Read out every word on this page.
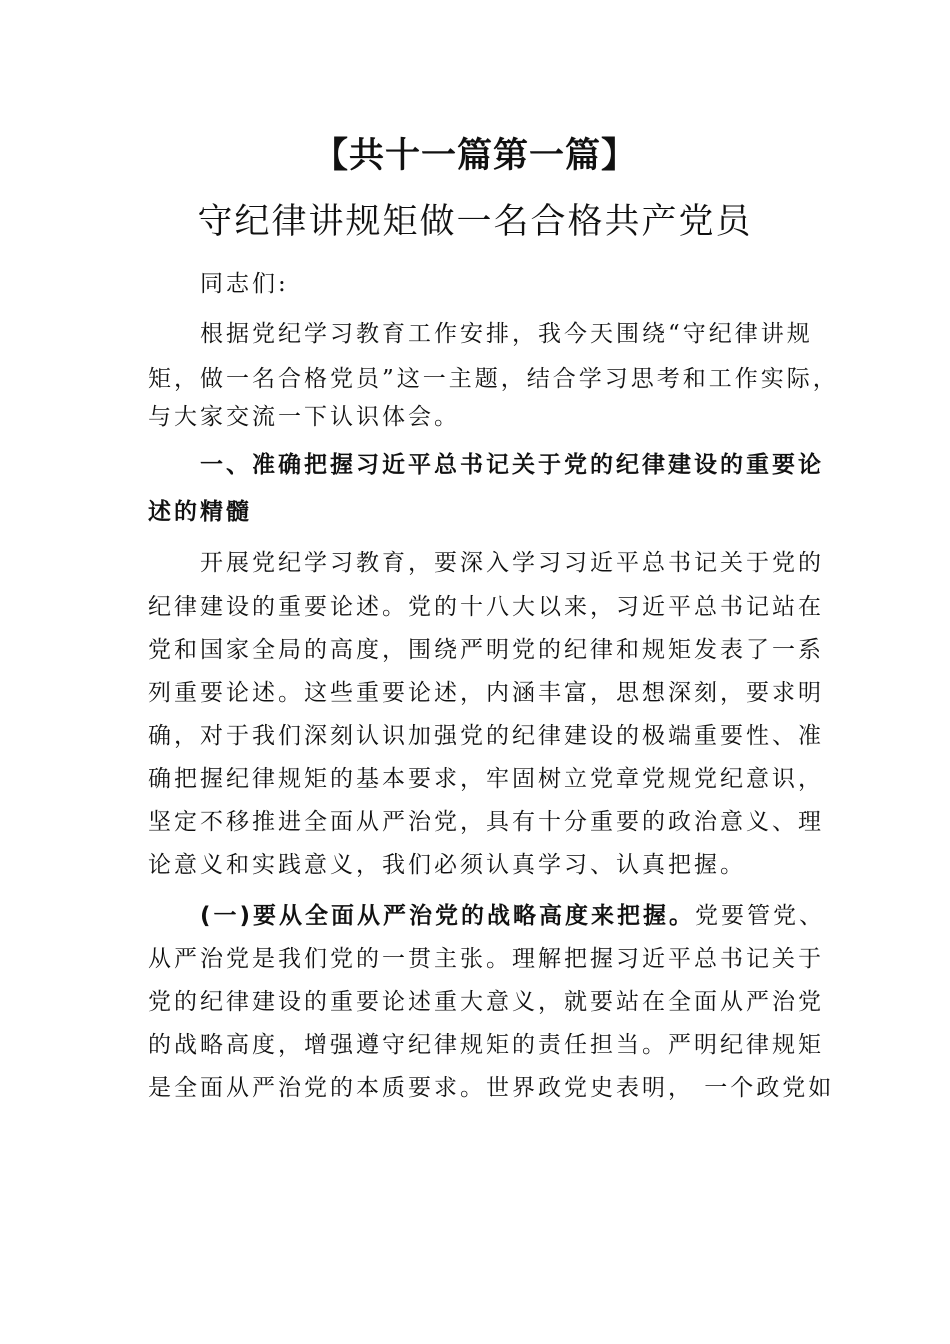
【共十一篇第一篇】
守纪律讲规矩做一名合格共产党员
同志们:
根据党纪学习教育工作安排，我今天围绕“守纪律讲规
矩，做一名合格党员”这一主题，结合学习思考和工作实际，
与大家交流一下认识体会。
一、准确把握习近平总书记关于党的纪律建设的重要论
述的精髓
开展党纪学习教育，要深入学习习近平总书记关于党的
纪律建设的重要论述。党的十八大以来，习近平总书记站在
党和国家全局的高度，围绕严明党的纪律和规矩发表了一系
列重要论述。这些重要论述，内涵丰富，思想深刻，要求明
确，对于我们深刻认识加强党的纪律建设的极端重要性、准
确把握纪律规矩的基本要求，牢固树立党章党规党纪意识，
坚定不移推进全面从严治党，具有十分重要的政治意义、理
论意义和实践意义，我们必须认真学习、认真把握。
(一)要从全面从严治党的战略高度来把握。党要管党、
从严治党是我们党的一贯主张。理解把握习近平总书记关于
党的纪律建设的重要论述重大意义，就要站在全面从严治党
的战略高度，增强遵守纪律规矩的责任担当。严明纪律规矩
是全面从严治党的本质要求。世界政党史表明， 一个政党如
